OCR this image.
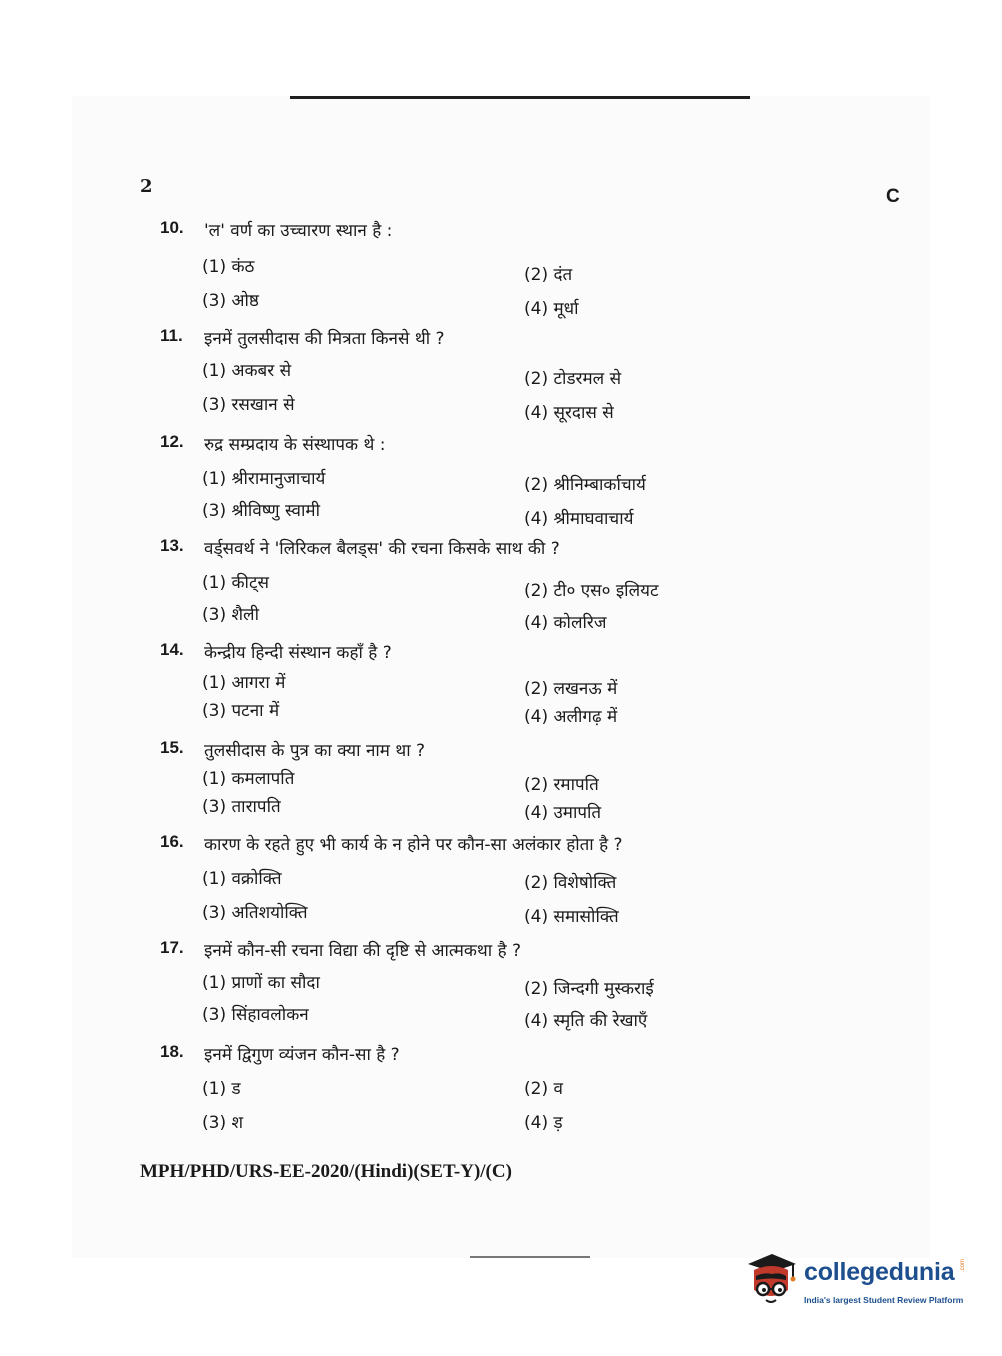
2	C
10. 'ल' वर्ण का उच्चारण स्थान है :
(1) कंठ	(2) दंत
(3) ओष्ठ	(4) मूर्धा
11. इनमें तुलसीदास की मित्रता किनसे थी ?
(1) अकबर से	(2) टोडरमल से
(3) रसखान से	(4) सूरदास से
12. रुद्र सम्प्रदाय के संस्थापक थे :
(1) श्रीरामानुजाचार्य	(2) श्रीनिम्बार्काचार्य
(3) श्रीविष्णु स्वामी	(4) श्रीमाघवाचार्य
13. वर्ड्सवर्थ ने 'लिरिकल बैलड्स' की रचना किसके साथ की ?
(1) कीट्स	(2) टी० एस० इलियट
(3) शैली	(4) कोलरिज
14. केन्द्रीय हिन्दी संस्थान कहाँ है ?
(1) आगरा में	(2) लखनऊ में
(3) पटना में	(4) अलीगढ़ में
15. तुलसीदास के पुत्र का क्या नाम था ?
(1) कमलापति	(2) रमापति
(3) तारापति	(4) उमापति
16. कारण के रहते हुए भी कार्य के न होने पर कौन-सा अलंकार होता है ?
(1) वक्रोक्ति	(2) विशेषोक्ति
(3) अतिशयोक्ति	(4) समासोक्ति
17. इनमें कौन-सी रचना विद्या की दृष्टि से आत्मकथा है ?
(1) प्राणों का सौदा	(2) जिन्दगी मुस्कराई
(3) सिंहावलोकन	(4) स्मृति की रेखाएँ
18. इनमें द्विगुण व्यंजन कौन-सा है ?
(1) ड	(2) व
(3) श	(4) ड़
MPH/PHD/URS-EE-2020/(Hindi)(SET-Y)/(C)
collegedunia .com
India's largest Student Review Platform
